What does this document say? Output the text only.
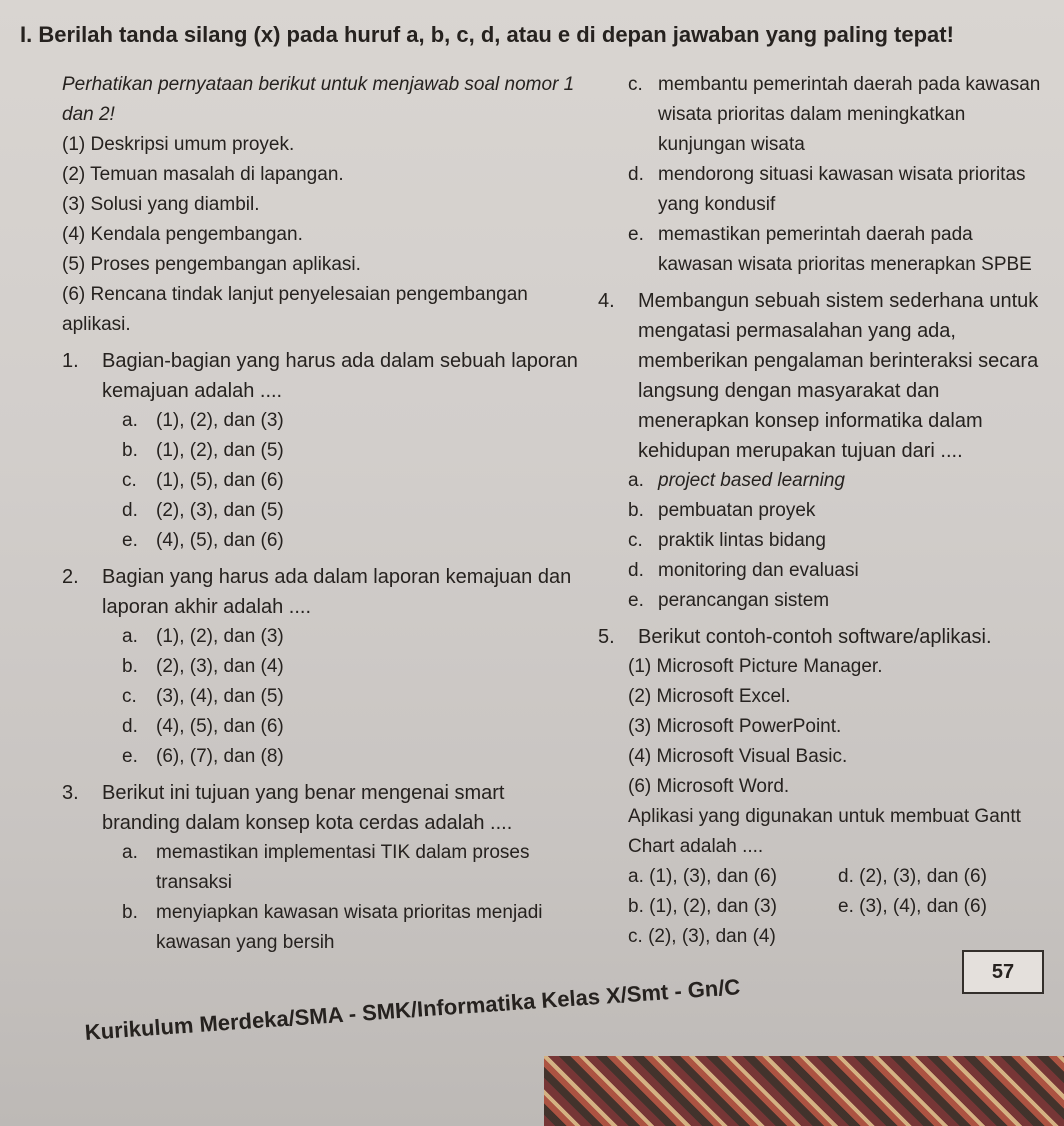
I. Berilah tanda silang (x) pada huruf a, b, c, d, atau e di depan jawaban yang paling tepat!
Perhatikan pernyataan berikut untuk menjawab soal nomor 1 dan 2!
(1) Deskripsi umum proyek.
(2) Temuan masalah di lapangan.
(3) Solusi yang diambil.
(4) Kendala pengembangan.
(5) Proses pengembangan aplikasi.
(6) Rencana tindak lanjut penyelesaian pengembangan aplikasi.
1.	Bagian-bagian yang harus ada dalam sebuah laporan kemajuan adalah ....
a. (1), (2), dan (3)
b. (1), (2), dan (5)
c.	(1), (5), dan (6)
d. (2), (3), dan (5)
e. (4), (5), dan (6)
2.	Bagian yang harus ada dalam laporan kemajuan dan laporan akhir adalah ....
a. (1), (2), dan (3)
b. (2), (3), dan (4)
c.	(3), (4), dan (5)
d. (4), (5), dan (6)
e. (6), (7), dan (8)
3.	Berikut ini tujuan yang benar mengenai smart branding dalam konsep kota cerdas adalah ....
a. memastikan implementasi TIK dalam proses transaksi
b. menyiapkan kawasan wisata prioritas menjadi kawasan yang bersih
c. membantu pemerintah daerah pada kawasan wisata prioritas dalam meningkatkan kunjungan wisata
d. mendorong situasi kawasan wisata prioritas yang kondusif
e. memastikan pemerintah daerah pada kawasan wisata prioritas menerapkan SPBE
4.	Membangun sebuah sistem sederhana untuk mengatasi permasalahan yang ada, memberikan pengalaman berinteraksi secara langsung dengan masyarakat dan menerapkan konsep informatika dalam kehidupan merupakan tujuan dari ....
a. project based learning
b. pembuatan proyek
c. praktik lintas bidang
d. monitoring dan evaluasi
e. perancangan sistem
5.	Berikut contoh-contoh software/aplikasi.
(1) Microsoft Picture Manager.
(2) Microsoft Excel.
(3) Microsoft PowerPoint.
(4) Microsoft Visual Basic.
(6) Microsoft Word.
Aplikasi yang digunakan untuk membuat Gantt Chart adalah ....
a. (1), (3), dan (6)	d. (2), (3), dan (6)
b. (1), (2), dan (3)	e. (3), (4), dan (6)
c. (2), (3), dan (4)
57
Kurikulum Merdeka/SMA - SMK/Informatika Kelas X/Smt - Gn/C
